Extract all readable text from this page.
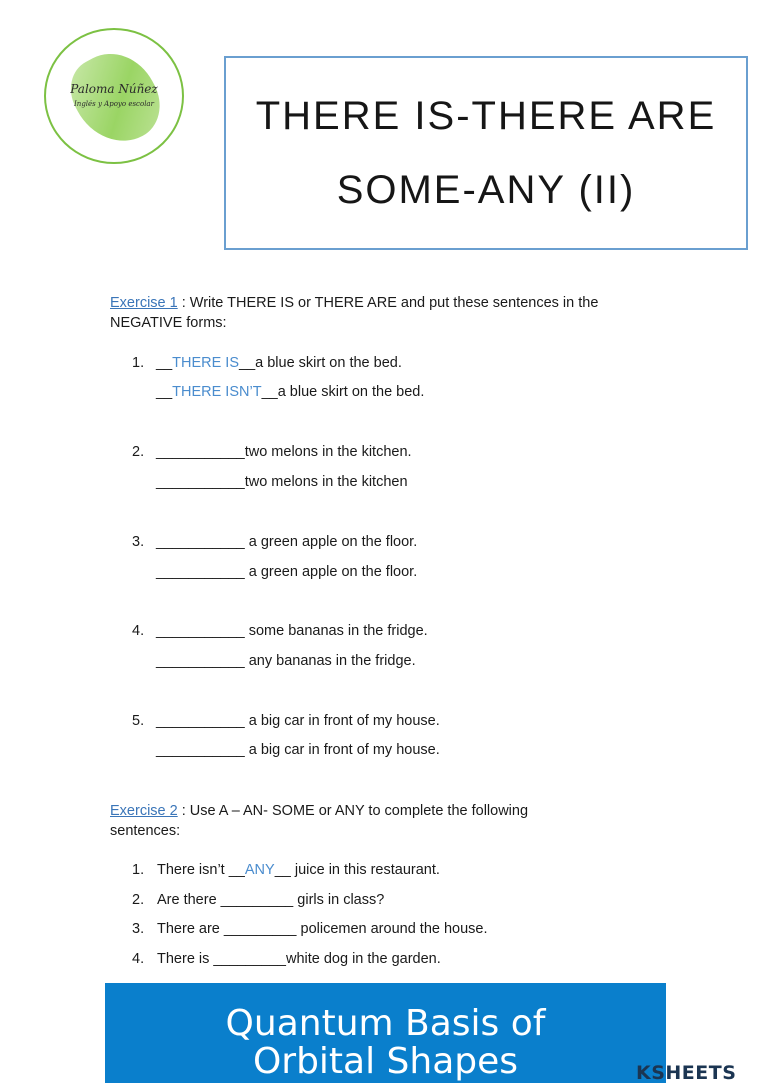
Paloma Núñez
Inglés y Apoyo escolar	THERE IS-THERE ARE
SOME-ANY (II)
Exercise 1 : Write THERE IS or THERE ARE and put these sentences in the
NEGATIVE forms:
1. __THERE IS__a blue skirt on the bed.
__THERE ISN’T__a blue skirt on the bed.
2. ___________two melons in the kitchen.
___________two melons in the kitchen
3. ___________ a green apple on the floor.
___________ a green apple on the floor.
4. ___________ some bananas in the fridge.
___________ any bananas in the fridge.
5. ___________ a big car in front of my house.
___________ a big car in front of my house.
Exercise 2 : Use A – AN- SOME or ANY to complete the following
sentences:
1. There isn’t __ANY__ juice in this restaurant.
2. Are there _________ girls in class?
3. There are _________ policemen around the house.
4. There is _________white dog in the garden.
Quantum Basis of
Orbital Shapes	KSHEETS
